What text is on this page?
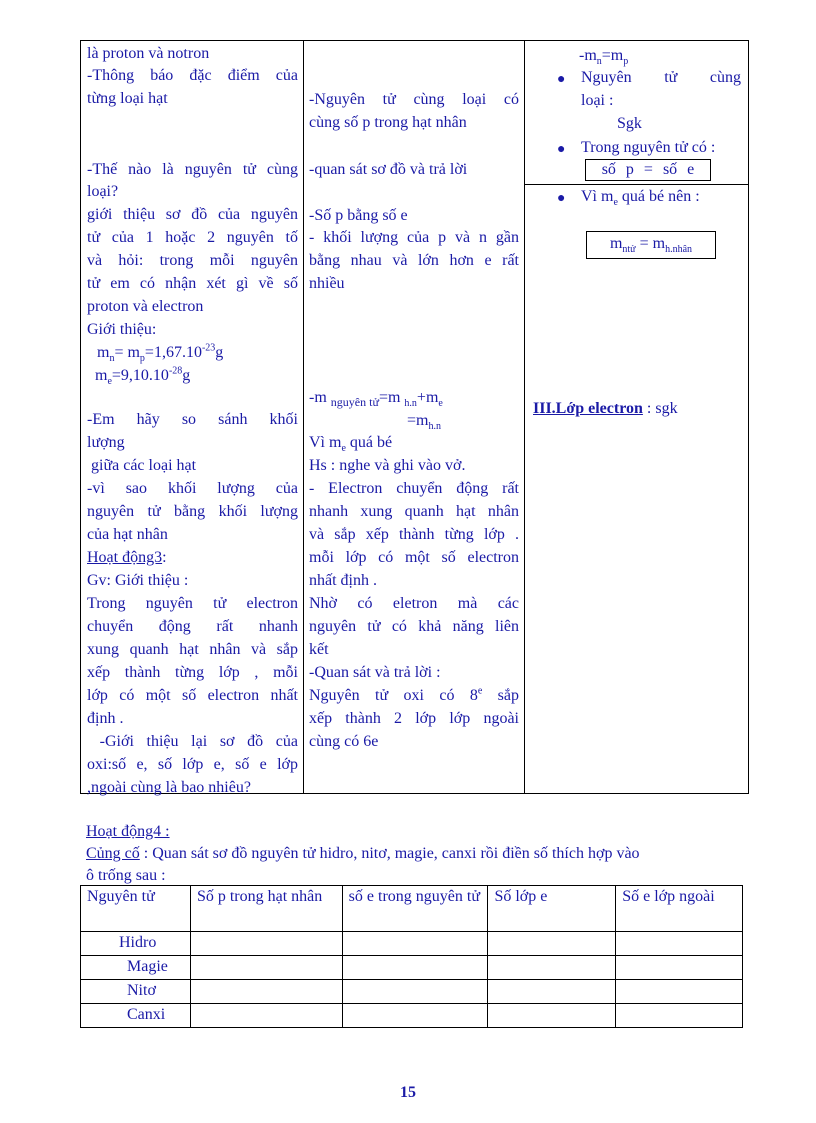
là proton và notron

-Thông báo đặc điểm của

từng loại hạt

-Thế nào là nguyên tử cùng

loại?

giới thiệu sơ đồ của nguyên

tử của 1 hoặc 2 nguyên tố

và hỏi: trong mỗi nguyên

tử em có nhận xét gì về số

proton và electron

Giới thiệu:

$m_n= m_p=1,67.10^{-23}g$

$m_e=9,10.10^{-28}g$

-Em hãy so sánh khối

lượng

giữa các loại hạt

-vì sao khối lượng của

nguyên tử bằng khối lượng

của hạt nhân

Hoạt động3:

Gv: Giới thiệu :

Trong nguyên tử electron

chuyển động rất nhanh

xung quanh hạt nhân và sắp

xếp thành từng lớp , mỗi

lớp có một số electron nhất

định .

-Giới thiệu lại sơ đồ của

oxi:số e, số lớp e, số e lớp

,ngoài cùng là bao nhiêu?

-Nguyên tử cùng loại có

cùng số p trong hạt nhân

-quan sát sơ đồ và trả lời

-Số p bằng số e

- khối lượng của p và n gần

bằng nhau và lớn hơn e rất

nhiều

-m $_{nguyên tử}$=m $_{h.n}+m_e$

$=m_{h.n}$

Vì $m_e$ quá bé

Hs : nghe và ghi vào vở.

- Electron chuyển động rất

nhanh xung quanh hạt nhân

và sắp xếp thành từng lớp .

mỗi lớp có một số electron

nhất định .

Nhờ có eletron mà các

nguyên tử có khả năng liên

kết

-Quan sát và trả lời :

Nguyên tử oxi có 8e sắp

xếp thành 2 lớp lớp ngoài

cùng có 6e

$-m_n=m_p$

● Nguyên tử cùng

loại :

Sgk

● Trong nguyên tử có :

số p = số e

● Vì $m_e$ quá bé nên :

$m_{ntử} = m_{h.nhân}$

III.Lớp electron : sgk

Hoạt động4 :

Củng cố : Quan sát sơ đồ nguyên tử hidro, nitơ, magie, canxi rồi điền số thích hợp vào

ô trống sau :

Nguyên tử	Số p trong hạt nhân	số e trong nguyên tử	Số lớp e	Số e lớp ngoài
Hidro				
Magie				
Nitơ				
Canxi				

15
